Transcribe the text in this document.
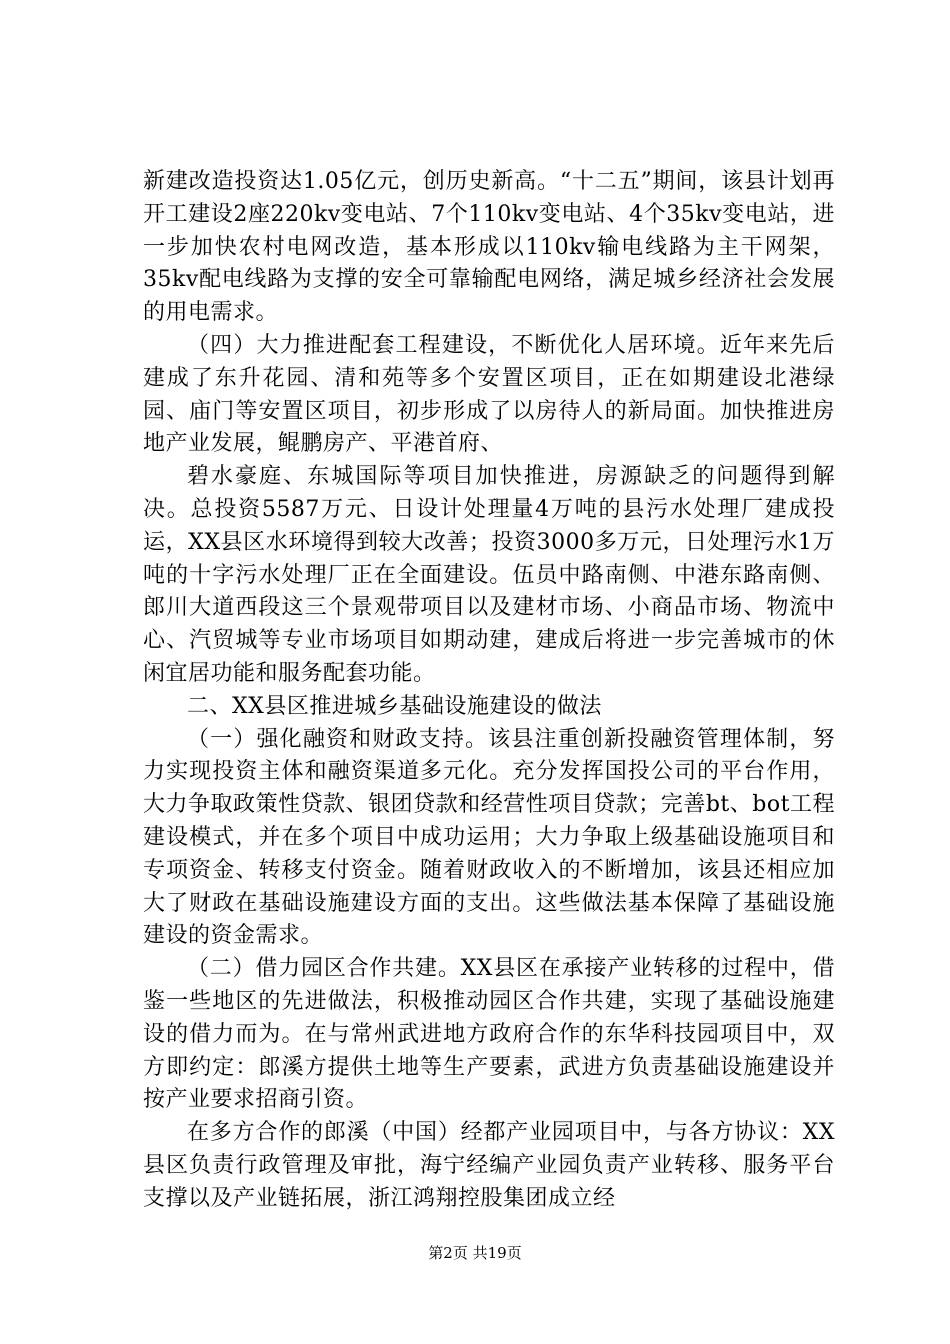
新建改造投资达1.05亿元，创历史新高。“十二五”期间，该县计划再开工建设2座220kv变电站、7个110kv变电站、4个35kv变电站，进一步加快农村电网改造，基本形成以110kv输电线路为主干网架，35kv配电线路为支撑的安全可靠输配电网络，满足城乡经济社会发展的用电需求。

（四）大力推进配套工程建设，不断优化人居环境。近年来先后建成了东升花园、清和苑等多个安置区项目，正在如期建设北港绿园、庙门等安置区项目，初步形成了以房待人的新局面。加快推进房地产业发展，鲲鹏房产、平港首府、

碧水豪庭、东城国际等项目加快推进，房源缺乏的问题得到解决。总投资5587万元、日设计处理量4万吨的县污水处理厂建成投运，XX县区水环境得到较大改善；投资3000多万元，日处理污水1万吨的十字污水处理厂正在全面建设。伍员中路南侧、中港东路南侧、郎川大道西段这三个景观带项目以及建材市场、小商品市场、物流中心、汽贸城等专业市场项目如期动建，建成后将进一步完善城市的休闲宜居功能和服务配套功能。

二、XX县区推进城乡基础设施建设的做法

（一）强化融资和财政支持。该县注重创新投融资管理体制，努力实现投资主体和融资渠道多元化。充分发挥国投公司的平台作用，大力争取政策性贷款、银团贷款和经营性项目贷款；完善bt、bot工程建设模式，并在多个项目中成功运用；大力争取上级基础设施项目和专项资金、转移支付资金。随着财政收入的不断增加，该县还相应加大了财政在基础设施建设方面的支出。这些做法基本保障了基础设施建设的资金需求。

（二）借力园区合作共建。XX县区在承接产业转移的过程中，借鉴一些地区的先进做法，积极推动园区合作共建，实现了基础设施建设的借力而为。在与常州武进地方政府合作的东华科技园项目中，双方即约定：郎溪方提供土地等生产要素，武进方负责基础设施建设并按产业要求招商引资。

在多方合作的郎溪（中国）经都产业园项目中，与各方协议：XX县区负责行政管理及审批，海宁经编产业园负责产业转移、服务平台支撑以及产业链拓展，浙江鸿翔控股集团成立经

第2页 共19页
